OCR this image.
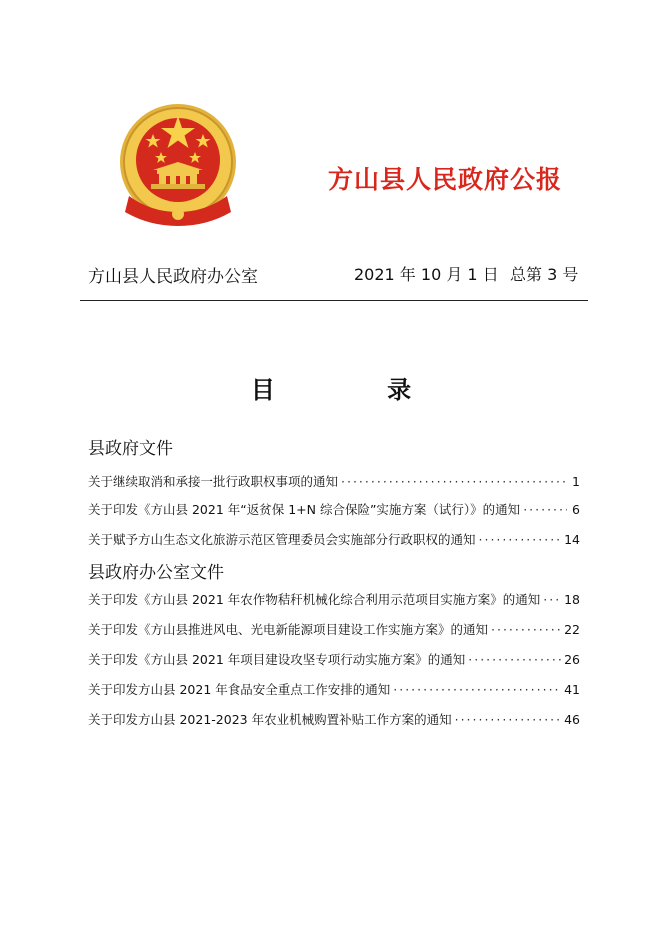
方山县人民政府公报
方山县人民政府办公室	2021 年 10 月 1 日 总第 3 号
目	录
县政府文件
关于继续取消和承接一批行政职权事项的通知 ·····	1
关于印发《方山县 2021 年“返贫保 1+N 综合保险”实施方案（试行）》的通知 ·····	6
关于赋予方山生态文化旅游示范区管理委员会实施部分行政职权的通知 ·····	14
县政府办公室文件
关于印发《方山县 2021 年农作物秸秆机械化综合利用示范项目实施方案》的通知 ····· 18
关于印发《方山县推进风电、光电新能源项目建设工作实施方案》的通知 ·····	22
关于印发《方山县 2021 年项目建设攻坚专项行动实施方案》的通知 ·····	26
关于印发方山县 2021 年食品安全重点工作安排的通知 ·····	41
关于印发方山县 2021-2023 年农业机械购置补贴工作方案的通知 ·····	46
